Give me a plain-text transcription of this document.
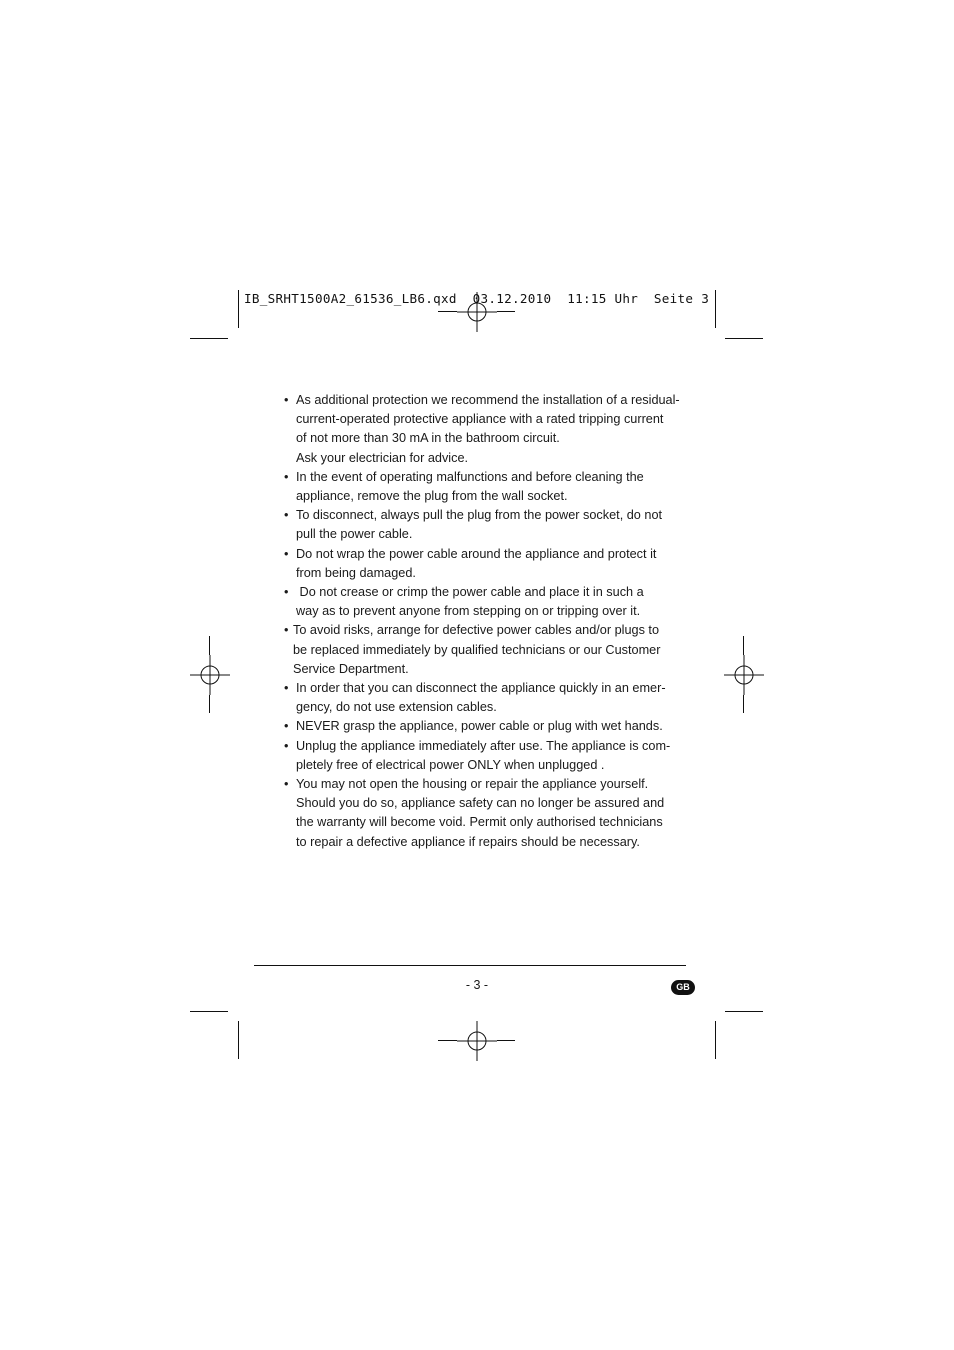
IB_SRHT1500A2_61536_LB6.qxd 03.12.2010 11:15 Uhr Seite 3
• As additional protection we recommend the installation of a residual-
current-operated protective appliance with a rated tripping current
of not more than 30 mA in the bathroom circuit.
Ask your electrician for advice.
• In the event of operating malfunctions and before cleaning the
appliance, remove the plug from the wall socket.
• To disconnect, always pull the plug from the power socket, do not
pull the power cable.
• Do not wrap the power cable around the appliance and protect it
from being damaged.
• Do not crease or crimp the power cable and place it in such a
way as to prevent anyone from stepping on or tripping over it.
• To avoid risks, arrange for defective power cables and/or plugs to
be replaced immediately by qualified technicians or our Customer
Service Department.
• In order that you can disconnect the appliance quickly in an emer-
gency, do not use extension cables.
• NEVER grasp the appliance, power cable or plug with wet hands.
• Unplug the appliance immediately after use. The appliance is com-
pletely free of electrical power ONLY when unplugged .
• You may not open the housing or repair the appliance yourself.
Should you do so, appliance safety can no longer be assured and
the warranty will become void. Permit only authorised technicians
to repair a defective appliance if repairs should be necessary.
- 3 -	GB
